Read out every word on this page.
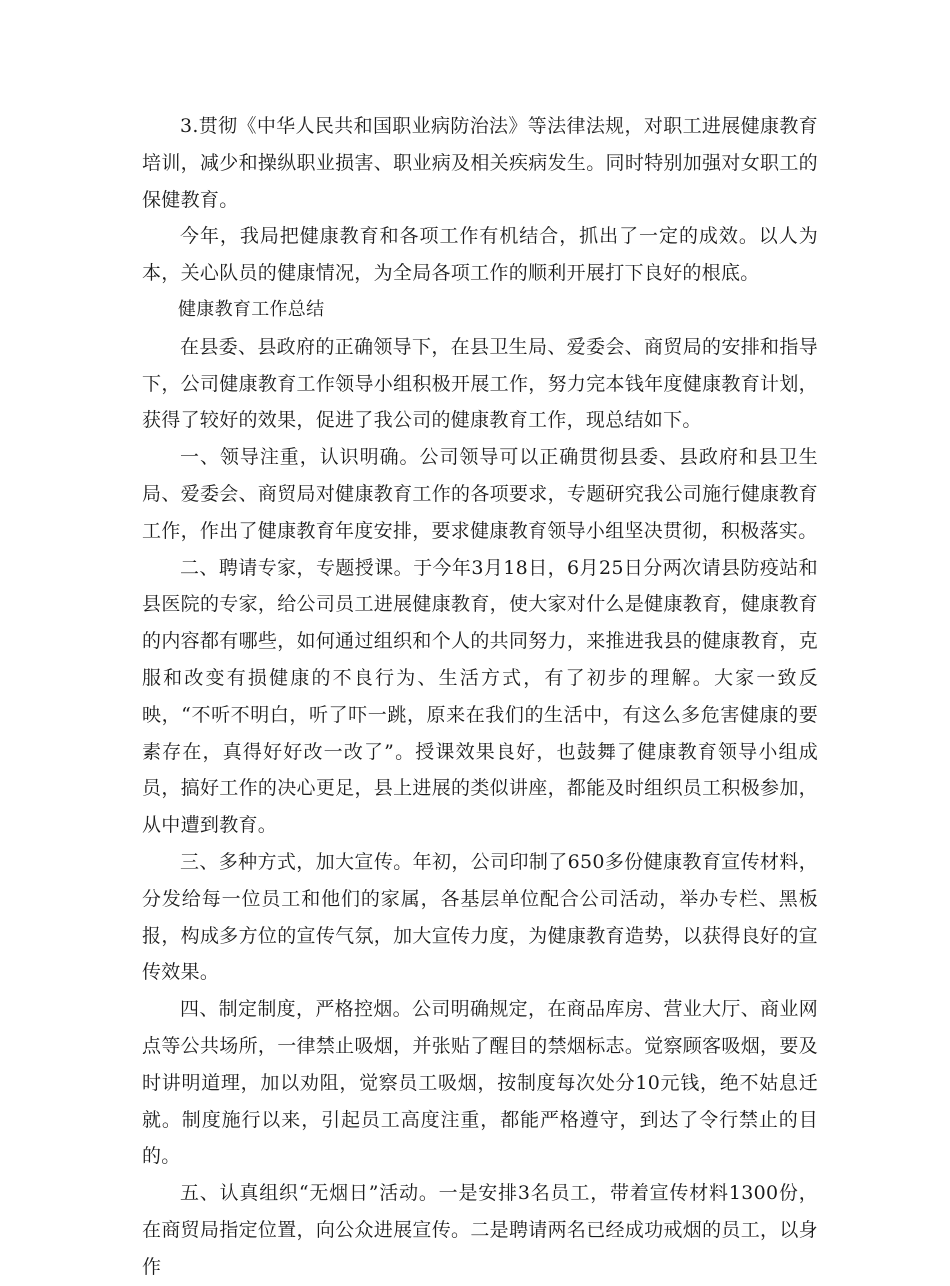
3.贯彻《中华人民共和国职业病防治法》等法律法规，对职工进展健康教育培训，减少和操纵职业损害、职业病及相关疾病发生。同时特别加强对女职工的保健教育。

今年，我局把健康教育和各项工作有机结合，抓出了一定的成效。以人为本，关心队员的健康情况，为全局各项工作的顺利开展打下良好的根底。

健康教育工作总结

在县委、县政府的正确领导下，在县卫生局、爱委会、商贸局的安排和指导下，公司健康教育工作领导小组积极开展工作，努力完本钱年度健康教育计划，获得了较好的效果，促进了我公司的健康教育工作，现总结如下。

一、领导注重，认识明确。公司领导可以正确贯彻县委、县政府和县卫生局、爱委会、商贸局对健康教育工作的各项要求，专题研究我公司施行健康教育工作，作出了健康教育年度安排，要求健康教育领导小组坚决贯彻，积极落实。

二、聘请专家，专题授课。于今年3月18日，6月25日分两次请县防疫站和县医院的专家，给公司员工进展健康教育，使大家对什么是健康教育，健康教育的内容都有哪些，如何通过组织和个人的共同努力，来推进我县的健康教育，克服和改变有损健康的不良行为、生活方式，有了初步的理解。大家一致反映，“不听不明白，听了吓一跳，原来在我们的生活中，有这么多危害健康的要素存在，真得好好改一改了”。授课效果良好，也鼓舞了健康教育领导小组成员，搞好工作的决心更足，县上进展的类似讲座，都能及时组织员工积极参加，从中遭到教育。

三、多种方式，加大宣传。年初，公司印制了650多份健康教育宣传材料，分发给每一位员工和他们的家属，各基层单位配合公司活动，举办专栏、黑板报，构成多方位的宣传气氛，加大宣传力度，为健康教育造势，以获得良好的宣传效果。

四、制定制度，严格控烟。公司明确规定，在商品库房、营业大厅、商业网点等公共场所，一律禁止吸烟，并张贴了醒目的禁烟标志。觉察顾客吸烟，要及时讲明道理，加以劝阻，觉察员工吸烟，按制度每次处分10元钱，绝不姑息迁就。制度施行以来，引起员工高度注重，都能严格遵守，到达了令行禁止的目的。

五、认真组织“无烟日”活动。一是安排3名员工，带着宣传材料1300份，在商贸局指定位置，向公众进展宣传。二是聘请两名已经成功戒烟的员工，以身作
